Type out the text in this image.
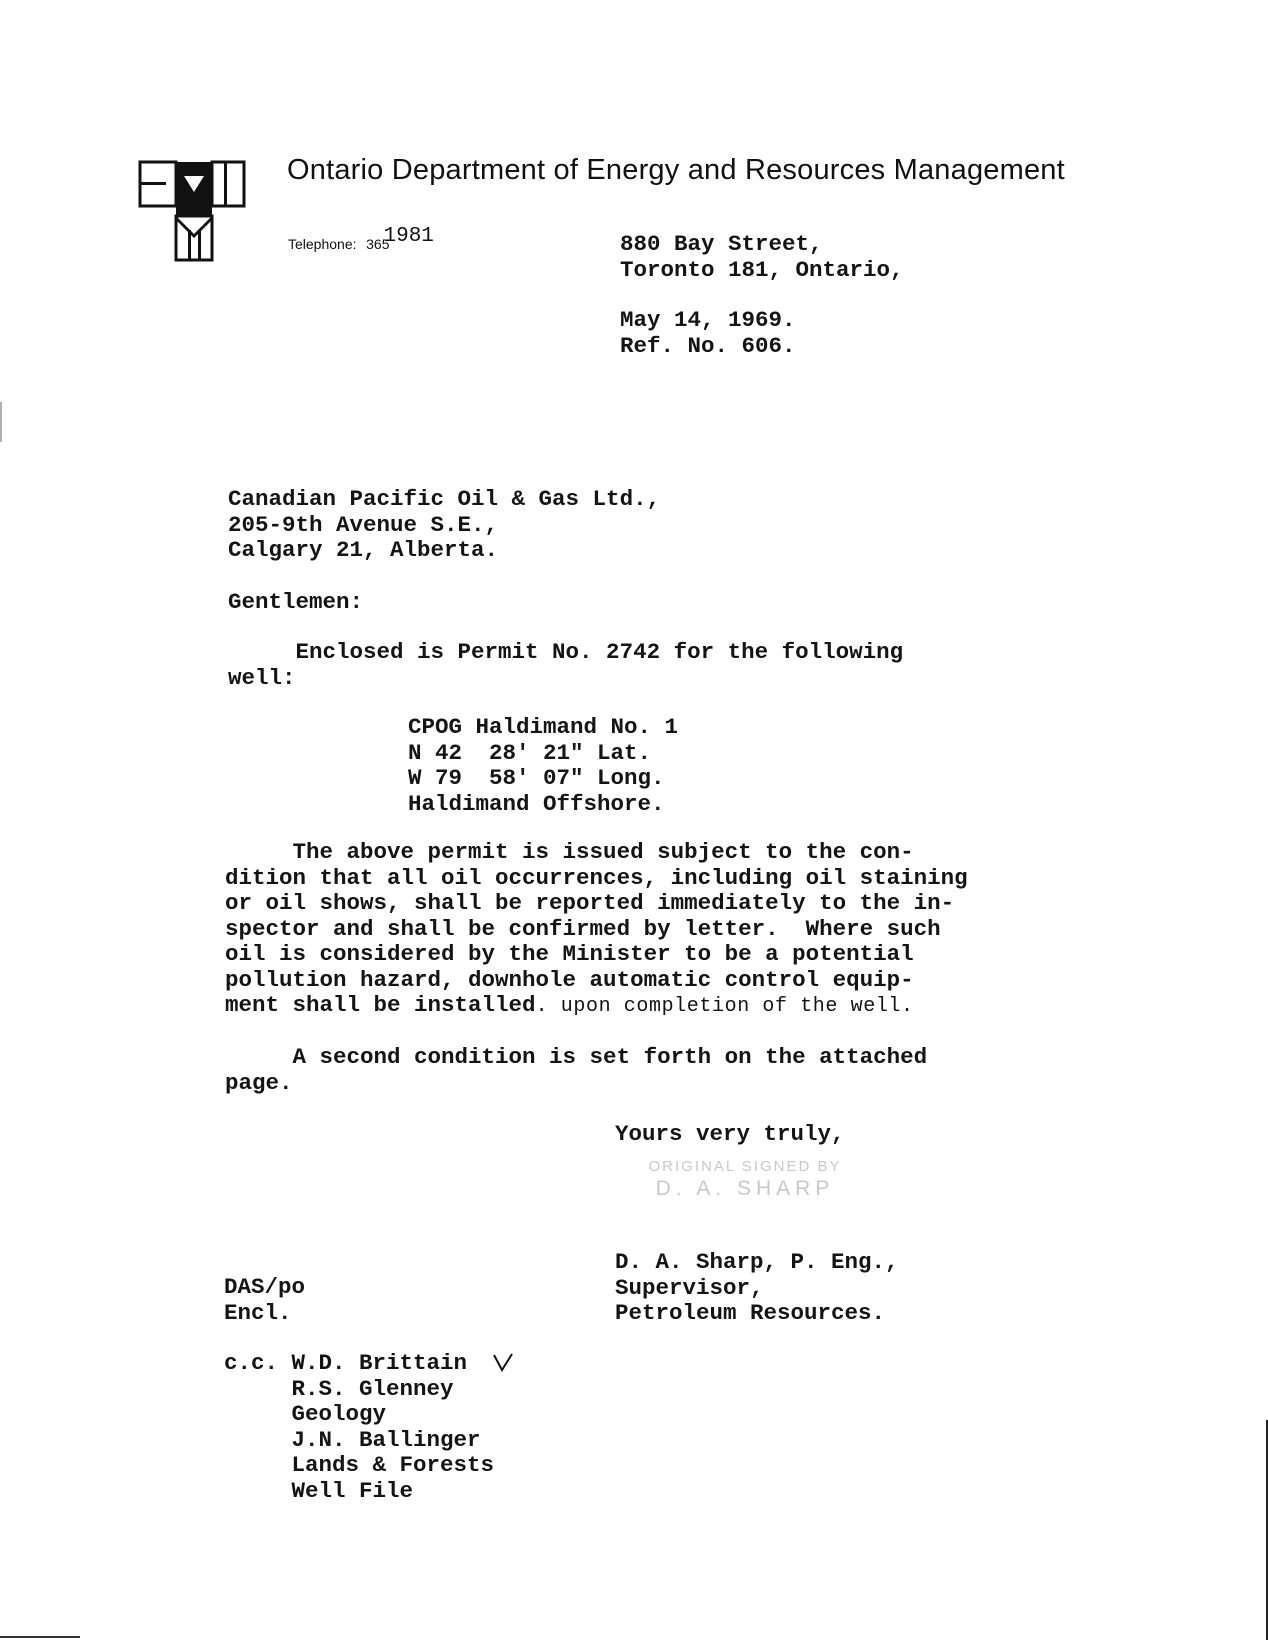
Ontario Department of Energy and Resources Management
Telephone: 3651981	880 Bay Street,
Toronto 181, Ontario,
May 14, 1969.
Ref. No. 606.
Canadian Pacific Oil & Gas Ltd.,
205-9th Avenue S.E.,
Calgary 21, Alberta.
Gentlemen:
Enclosed is Permit No. 2742 for the following
well:
CPOG Haldimand No. 1
N 42  28' 21" Lat.
W 79  58' 07" Long.
Haldimand Offshore.
The above permit is issued subject to the con-
dition that all oil occurrences, including oil staining
or oil shows, shall be reported immediately to the in-
spector and shall be confirmed by letter.  Where such
oil is considered by the Minister to be a potential
pollution hazard, downhole automatic control equip-
ment shall be installed. upon completion of the well.
A second condition is set forth on the attached
page.
Yours very truly,
ORIGINAL SIGNED BY
D. A. SHARP
D. A. Sharp, P. Eng.,
Supervisor,
Petroleum Resources.
DAS/po
Encl.
c.c. W.D. Brittain
R.S. Glenney
Geology
J.N. Ballinger
Lands & Forests
Well File
